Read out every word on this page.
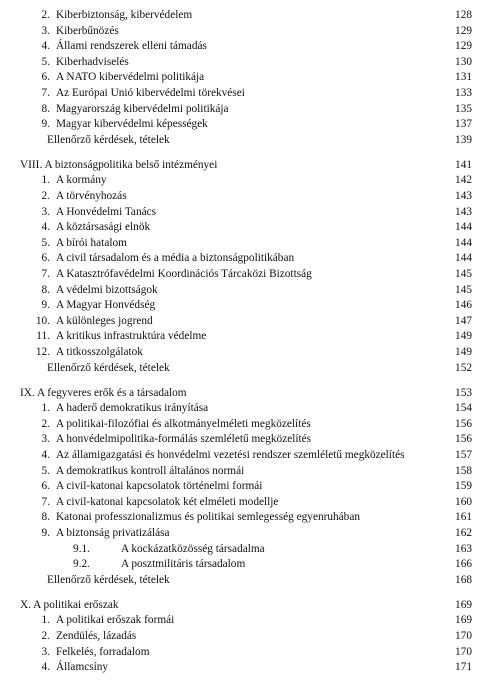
2. Kiberbiztonság, kibervédelem	128
3. Kiberbűnözés	129
4. Állami rendszerek elleni támadás	129
5. Kiberhadviselés	130
6. A NATO kibervédelmi politikája	131
7. Az Európai Unió kibervédelmi törekvései	133
8. Magyarország kibervédelmi politikája	135
9. Magyar kibervédelmi képességek	137
Ellenőrző kérdések, tételek	139
VIII. A biztonságpolitika belső intézményei	141
1. A kormány	142
2. A törvényhozás	143
3. A Honvédelmi Tanács	143
4. A köztársasági elnök	144
5. A bírói hatalom	144
6. A civil társadalom és a média a biztonságpolitikában	144
7. A Katasztrófavédelmi Koordinációs Tárcaközi Bizottság	145
8. A védelmi bizottságok	145
9. A Magyar Honvédség	146
10. A különleges jogrend	147
11. A kritikus infrastruktúra védelme	149
12. A titkosszolgálatok	149
Ellenőrző kérdések, tételek	152
IX. A fegyveres erők és a társadalom	153
1. A haderő demokratikus irányítása	154
2. A politikai-filozófiai és alkotmányelméleti megközelítés	156
3. A honvédelmipolitika-formálás szemléletű megközelítés	156
4. Az államigazgatási és honvédelmi vezetési rendszer szemléletű megközelítés	157
5. A demokratikus kontroll általános normái	158
6. A civil-katonai kapcsolatok történelmi formái	159
7. A civil-katonai kapcsolatok két elméleti modellje	160
8. Katonai professzionalizmus és politikai semlegesség egyenruhában	161
9. A biztonság privatizálása	162
9.1.	A kockázatközösség társadalma	163
9.2.	A posztmilitáris társadalom	166
Ellenőrző kérdések, tételek	168
X. A politikai erőszak	169
1. A politikai erőszak formái	169
2. Zendülés, lázadás	170
3. Felkelés, forradalom	170
4. Államcsíny	171
